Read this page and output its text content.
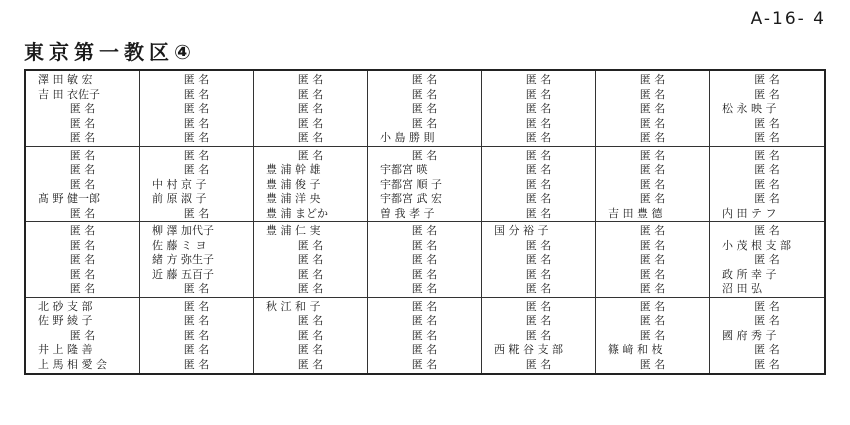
A-16- 4
東京第一教区④
澤 田 敏 宏
吉 田 衣佐子
匿 名
匿 名
匿 名
匿 名
匿 名
匿 名
匿 名
匿 名
匿 名
匿 名
匿 名
匿 名
匿 名
匿 名
匿 名
匿 名
匿 名
小 島 勝 則
匿 名
匿 名
匿 名
匿 名
匿 名
匿 名
匿 名
匿 名
匿 名
匿 名
匿 名
匿 名
松 永 映 子
匿 名
匿 名
匿 名
匿 名
匿 名
髙 野 健一郎
匿 名
匿 名
匿 名
中 村 京 子
前 原 淑 子
匿 名
匿 名
豊 浦 幹 雄
豊 浦 俊 子
豊 浦 洋 央
豊 浦 まどか
匿 名
宇都宮 暎
宇都宮 順 子
宇都宮 武 宏
曽 我 孝 子
匿 名
匿 名
匿 名
匿 名
匿 名
匿 名
匿 名
匿 名
匿 名
吉 田 豊 德
匿 名
匿 名
匿 名
匿 名
内 田 テ フ
匿 名
匿 名
匿 名
匿 名
匿 名
柳 澤 加代子
佐 藤 ミ ヨ
緒 方 弥生子
近 藤 五百子
匿 名
豊 浦 仁 実
匿 名
匿 名
匿 名
匿 名
匿 名
匿 名
匿 名
匿 名
匿 名
国 分 裕 子
匿 名
匿 名
匿 名
匿 名
匿 名
匿 名
匿 名
匿 名
匿 名
匿 名
小 茂 根 支 部
匿 名
政 所 幸 子
沼 田 弘
北 砂 支 部
佐 野 綾 子
匿 名
井 上 隆 善
上 馬 相 愛 会
匿 名
匿 名
匿 名
匿 名
匿 名
秋 江 和 子
匿 名
匿 名
匿 名
匿 名
匿 名
匿 名
匿 名
匿 名
匿 名
匿 名
匿 名
匿 名
西 糀 谷 支 部
匿 名
匿 名
匿 名
匿 名
篠 﨑 和 枝
匿 名
匿 名
匿 名
國 府 秀 子
匿 名
匿 名
